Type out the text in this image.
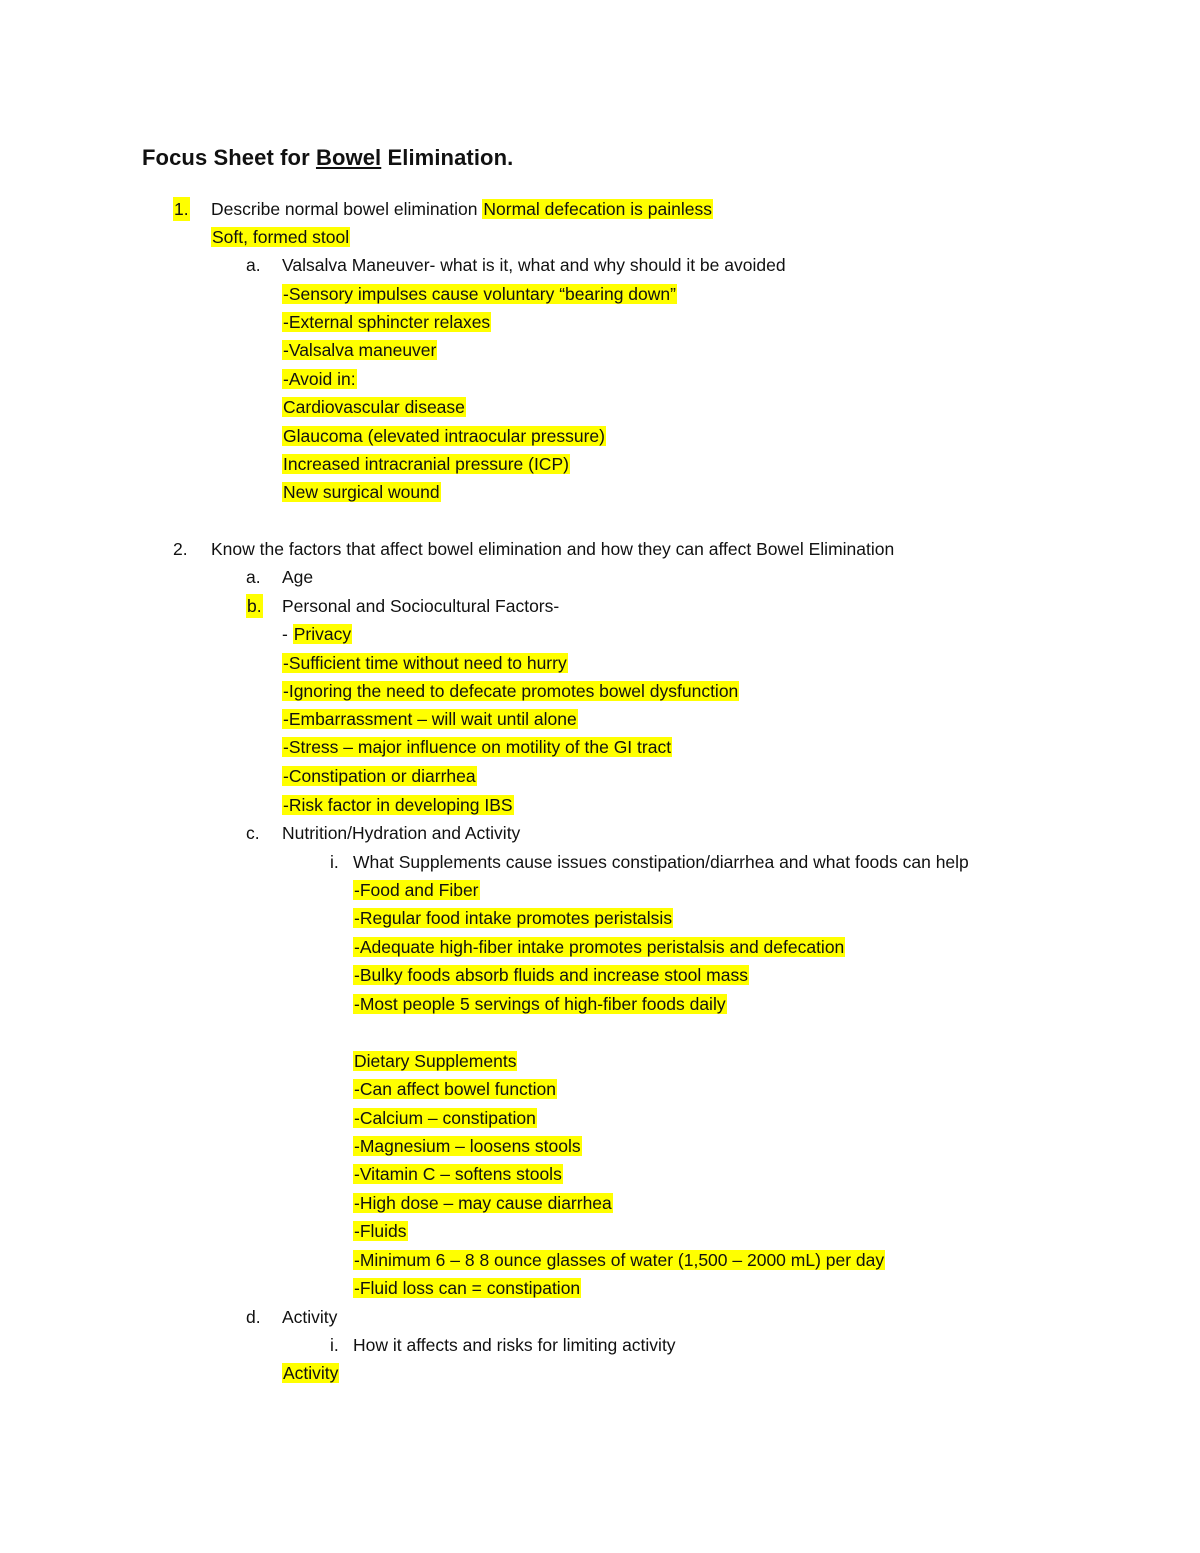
Focus Sheet for Bowel Elimination.
1. Describe normal bowel elimination Normal defecation is painless
Soft, formed stool
a. Valsalva Maneuver- what is it, what and why should it be avoided
-Sensory impulses cause voluntary “bearing down”
-External sphincter relaxes
-Valsalva maneuver
-Avoid in:
Cardiovascular disease
Glaucoma (elevated intraocular pressure)
Increased intracranial pressure (ICP)
New surgical wound
2. Know the factors that affect bowel elimination and how they can affect Bowel Elimination
a. Age
b. Personal and Sociocultural Factors-
- Privacy
-Sufficient time without need to hurry
-Ignoring the need to defecate promotes bowel dysfunction
-Embarrassment – will wait until alone
-Stress – major influence on motility of the GI tract
-Constipation or diarrhea
-Risk factor in developing IBS
c. Nutrition/Hydration and Activity
i. What Supplements cause issues constipation/diarrhea and what foods can help
-Food and Fiber
-Regular food intake promotes peristalsis
-Adequate high-fiber intake promotes peristalsis and defecation
-Bulky foods absorb fluids and increase stool mass
-Most people 5 servings of high-fiber foods daily
Dietary Supplements
-Can affect bowel function
-Calcium – constipation
-Magnesium – loosens stools
-Vitamin C – softens stools
-High dose – may cause diarrhea
-Fluids
-Minimum 6 – 8 8 ounce glasses of water (1,500 – 2000 mL) per day
-Fluid loss can = constipation
d. Activity
i. How it affects and risks for limiting activity
Activity
